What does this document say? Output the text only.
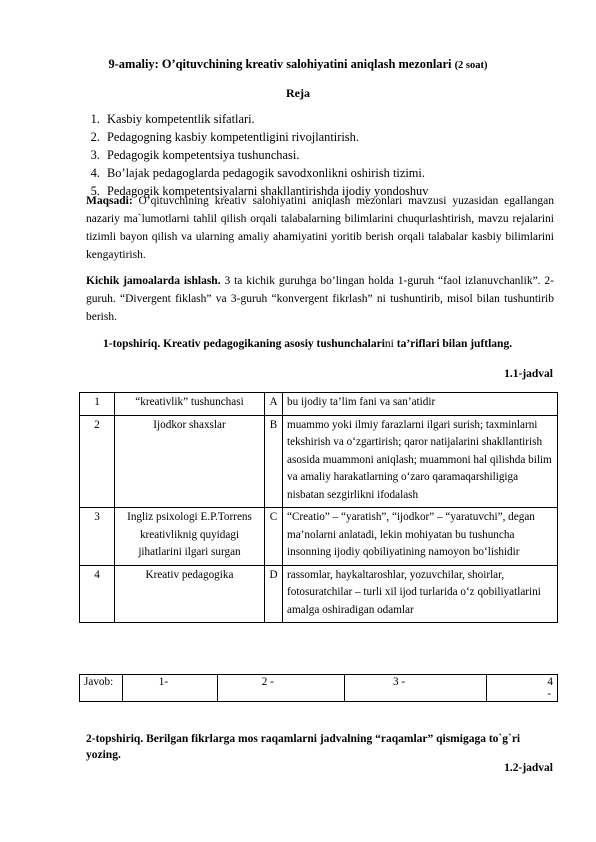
9-amaliy: O’qituvchining kreativ salohiyatini aniqlash mezonlari (2 soat)
Reja
1. Kasbiy kompetentlik sifatlari.
2. Pedagogning kasbiy kompetentligini rivojlantirish.
3. Pedagogik kompetentsiya tushunchasi.
4. Bo’lajak pedagoglarda pedagogik savodxonlikni oshirish tizimi.
5. Pedagogik kompetentsiyalarni shakllantirishda ijodiy yondoshuv
Maqsadi: O’qituvchining kreativ salohiyatini aniqlash mezonlari mavzusi yuzasidan egallangan nazariy ma`lumotlarni tahlil qilish orqali talabalarning bilimlarini chuqurlashtirish, mavzu rejalarini tizimli bayon qilish va ularning amaliy ahamiyatini yoritib berish orqali talabalar kasbiy bilimlarini kengaytirish.
Kichik jamoalarda ishlash. 3 ta kichik guruhga bo’lingan holda 1-guruh “faol izlanuvchanlik”. 2-guruh. “Divergent fiklash” va 3-guruh “konvergent fikrlash” ni tushuntirib, misol bilan tushuntirib berish.
1-topshiriq. Kreativ pedagogikaning asosiy tushunchalarini ta’riflari bilan juftlang.
1.1-jadval
1	“kreativlik” tushunchasi	A	bu ijodiy ta’lim fani va san’atidir
2	Ijodkor shaxslar	B	muammo yoki ilmiy farazlarni ilgari surish; taxminlarni tekshirish va o‘zgartirish; qaror natijalarini shakllantirish asosida muammoni aniqlash; muammoni hal qilishda bilim va amaliy harakatlarning o‘zaro qaramaqarshiligiga nisbatan sezgirlikni ifodalash
3	Ingliz psixologi E.P.Torrens kreativliknig quyidagi jihatlarini ilgari surgan	C	“Creatio” – “yaratish”, “ijodkor” – “yaratuvchi”, degan ma’nolarni anlatadi, lekin mohiyatan bu tushuncha insonning ijodiy qobiliyatining namoyon bo‘lishidir
4	Kreativ pedagogika	D	rassomlar, haykaltaroshlar, yozuvchilar, shoirlar, fotosuratchilar – turli xil ijod turlarida o‘z qobiliyatlarini amalga oshiradigan odamlar
Javob:	1-	2 -	3 -	4 -
2-topshiriq. Berilgan fikrlarga mos raqamlarni jadvalning “raqamlar” qismigaga to`g`ri yozing.
1.2-jadval
